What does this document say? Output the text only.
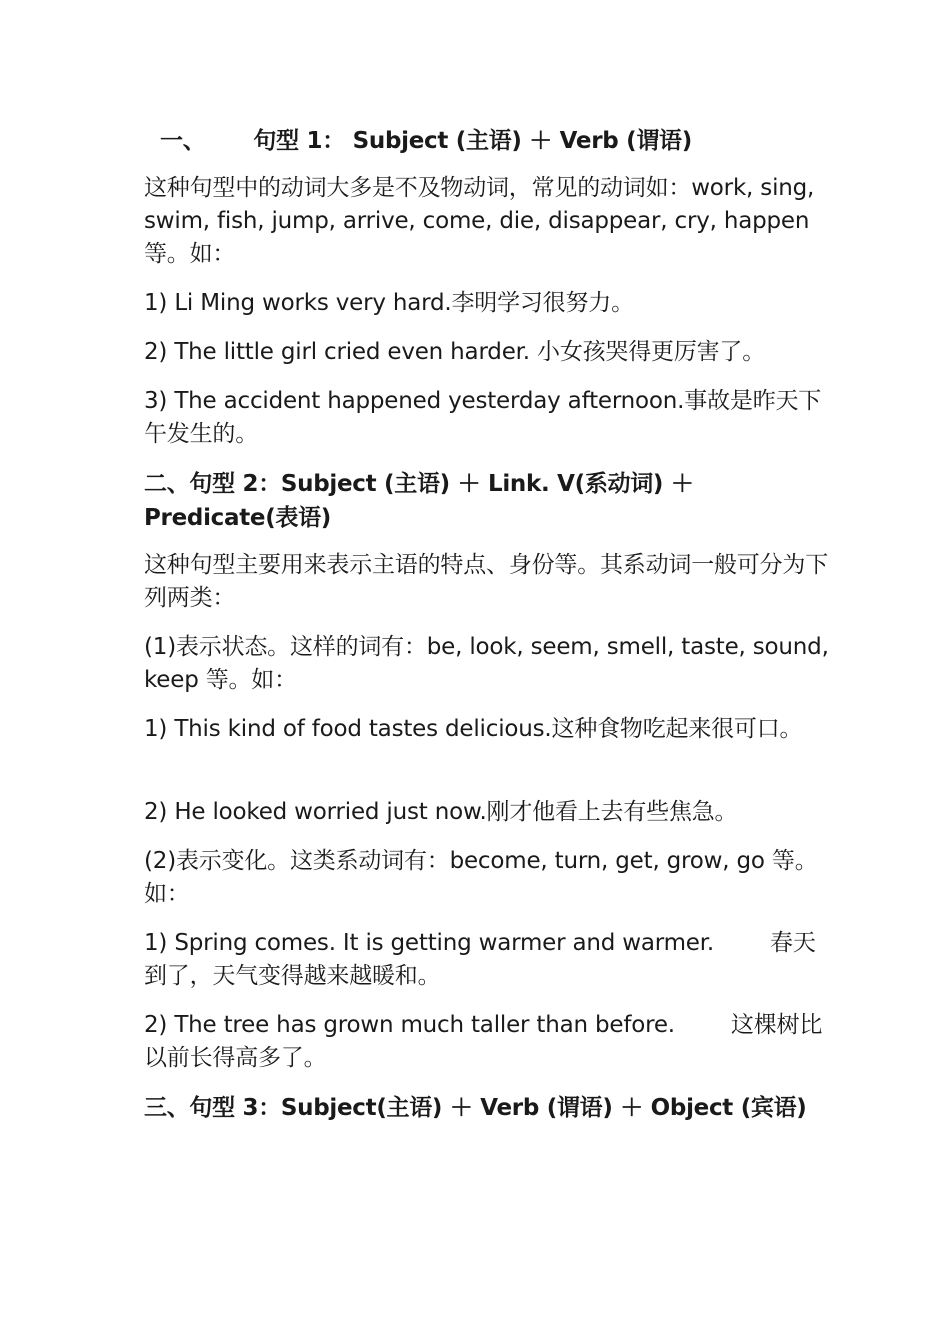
一、 句型 1： Subject (主语) ＋ Verb (谓语)

这种句型中的动词大多是不及物动词，常见的动词如：work, sing, swim, fish, jump, arrive, come, die, disappear, cry, happen 等。如：

1) Li Ming works very hard.李明学习很努力。

2) The little girl cried even harder. 小女孩哭得更厉害了。

3) The accident happened yesterday afternoon.事故是昨天下午发生的。

二、句型 2：Subject (主语) ＋ Link. V(系动词) ＋ Predicate(表语)

这种句型主要用来表示主语的特点、身份等。其系动词一般可分为下列两类：

(1)表示状态。这样的词有：be, look, seem, smell, taste, sound, keep 等。如：

1) This kind of food tastes delicious.这种食物吃起来很可口。

2) He looked worried just now.刚才他看上去有些焦急。

(2)表示变化。这类系动词有：become, turn, get, grow, go 等。如：

1) Spring comes. It is getting warmer and warmer. 春天到了，天气变得越来越暖和。

2) The tree has grown much taller than before. 这棵树比以前长得高多了。

三、句型 3：Subject(主语) ＋ Verb (谓语) ＋ Object (宾语)
